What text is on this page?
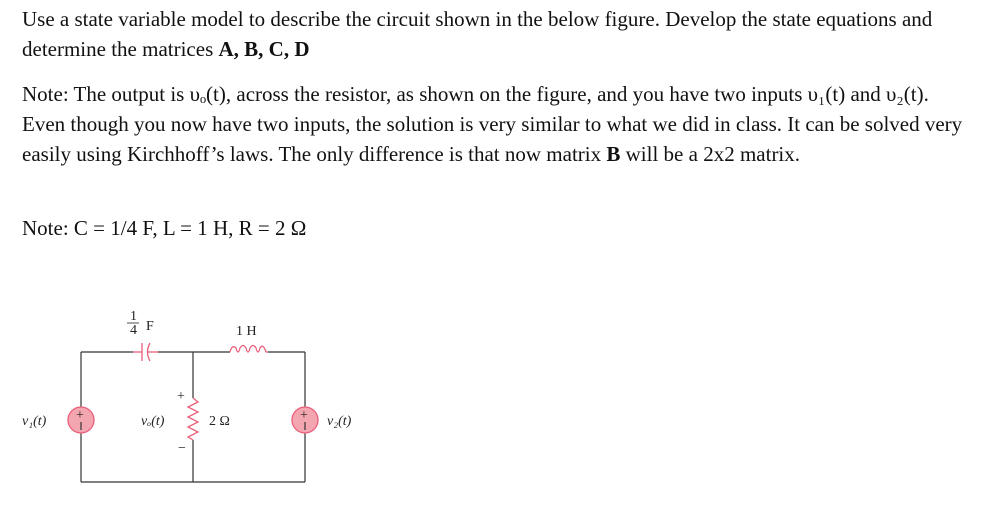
Use a state variable model to describe the circuit shown in the below figure. Develop the state equations and determine the matrices A, B, C, D

Note: The output is υₒ(t), across the resistor, as shown on the figure, and you have two inputs υ₁(t) and υ₂(t). Even though you now have two inputs, the solution is very similar to what we did in class. It can be solved very easily using Kirchhoff’s laws. The only difference is that now matrix B will be a 2x2 matrix.

Note: C = 1/4 F, L = 1 H, R = 2 Ω

1
4 F	1 H
2 Ω
+
−
vₒ(t)
+
v₁(t)	+ v₂(t)
